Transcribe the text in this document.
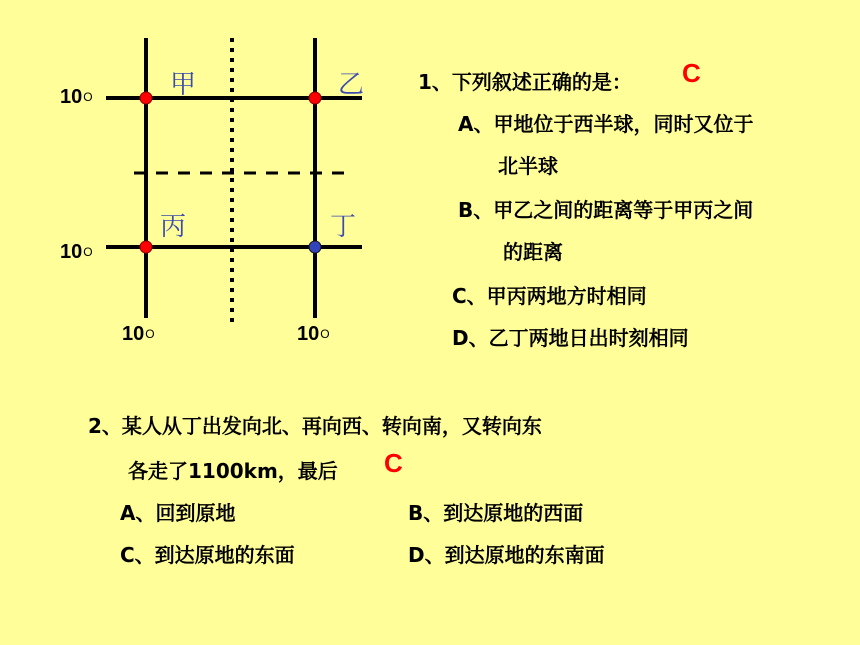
甲	乙
丙	丁
$10^O$
$10^O$
$10^O$	$10^O$
1、下列叙述正确的是： C
A、甲地位于西半球，同时又位于
北半球
B、甲乙之间的距离等于甲丙之间
的距离
C、甲丙两地方时相同
D、乙丁两地日出时刻相同
2、某人从丁出发向北、再向西、转向南，又转向东
各走了1100km，最后 C
A、回到原地	B、到达原地的西面
C、到达原地的东面	D、到达原地的东南面
